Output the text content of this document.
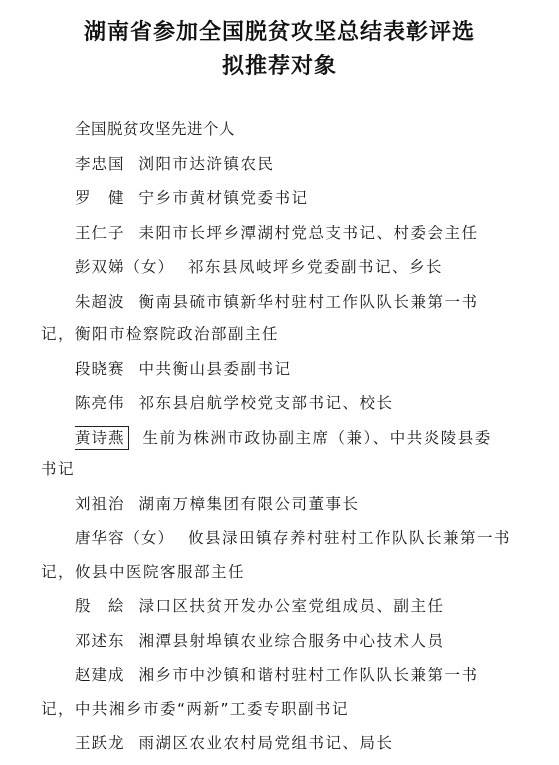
湖南省参加全国脱贫攻坚总结表彰评选
拟推荐对象
全国脱贫攻坚先进个人
李忠国 浏阳市达浒镇农民
罗　健 宁乡市黄材镇党委书记
王仁子 耒阳市长坪乡潭湖村党总支书记、村委会主任
彭双娣（女） 祁东县凤岐坪乡党委副书记、乡长
朱超波 衡南县硫市镇新华村驻村工作队队长兼第一书
记，衡阳市检察院政治部副主任
段晓赛 中共衡山县委副书记
陈亮伟 祁东县启航学校党支部书记、校长
黄诗燕 生前为株洲市政协副主席（兼）、中共炎陵县委
书记
刘祖治 湖南万樟集团有限公司董事长
唐华容（女） 攸县渌田镇存养村驻村工作队队长兼第一书
记，攸县中医院客服部主任
殷　絵 渌口区扶贫开发办公室党组成员、副主任
邓述东 湘潭县射埠镇农业综合服务中心技术人员
赵建成 湘乡市中沙镇和谐村驻村工作队队长兼第一书
记，中共湘乡市委“两新”工委专职副书记
王跃龙 雨湖区农业农村局党组书记、局长
